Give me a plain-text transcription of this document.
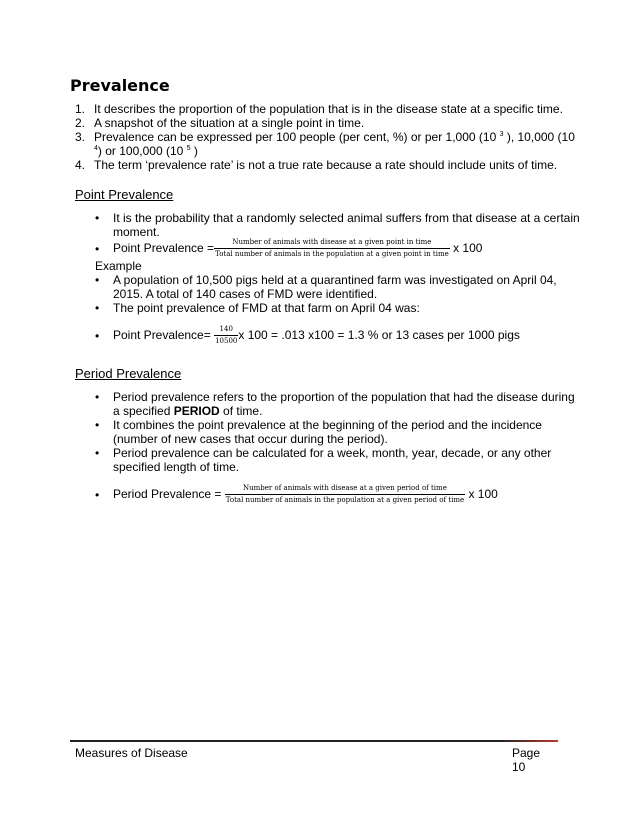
Prevalence
1. It describes the proportion of the population that is in the disease state at a specific time.
2. A snapshot of the situation at a single point in time.
3. Prevalence can be expressed per 100 people (per cent, %) or per 1,000 (10 $^3$ ), 10,000 (10
$^4$) or 100,000 (10 $^5$ )
4. The term ‘prevalence rate’ is not a true rate because a rate should include units of time.
Point Prevalence
•
It is the probability that a randomly selected animal suffers from that disease at a certain
moment.
•
Point Prevalence =	Number of animals with disease at a given point in time
Total number of animals in the population at a given point in time x 100
Example
•
A population of 10,500 pigs held at a quarantined farm was investigated on April 04,
2015. A total of 140 cases of FMD were identified.
•
The point prevalence of FMD at that farm on April 04 was:
•
Point Prevalence= $\frac{140}{10500}$ x 100 = .013 x100 = 1.3 % or 13 cases per 1000 pigs
Period Prevalence
•
Period prevalence refers to the proportion of the population that had the disease during
a specified PERIOD of time.
•
It combines the point prevalence at the beginning of the period and the incidence
(number of new cases that occur during the period).
•
Period prevalence can be calculated for a week, month, year, decade, or any other
specified length of time.
•
Period Prevalence =	Number of animals with disease at a given period of time
Total number of animals in the population at a given period of time x 100
Measures of Disease	Page
10
